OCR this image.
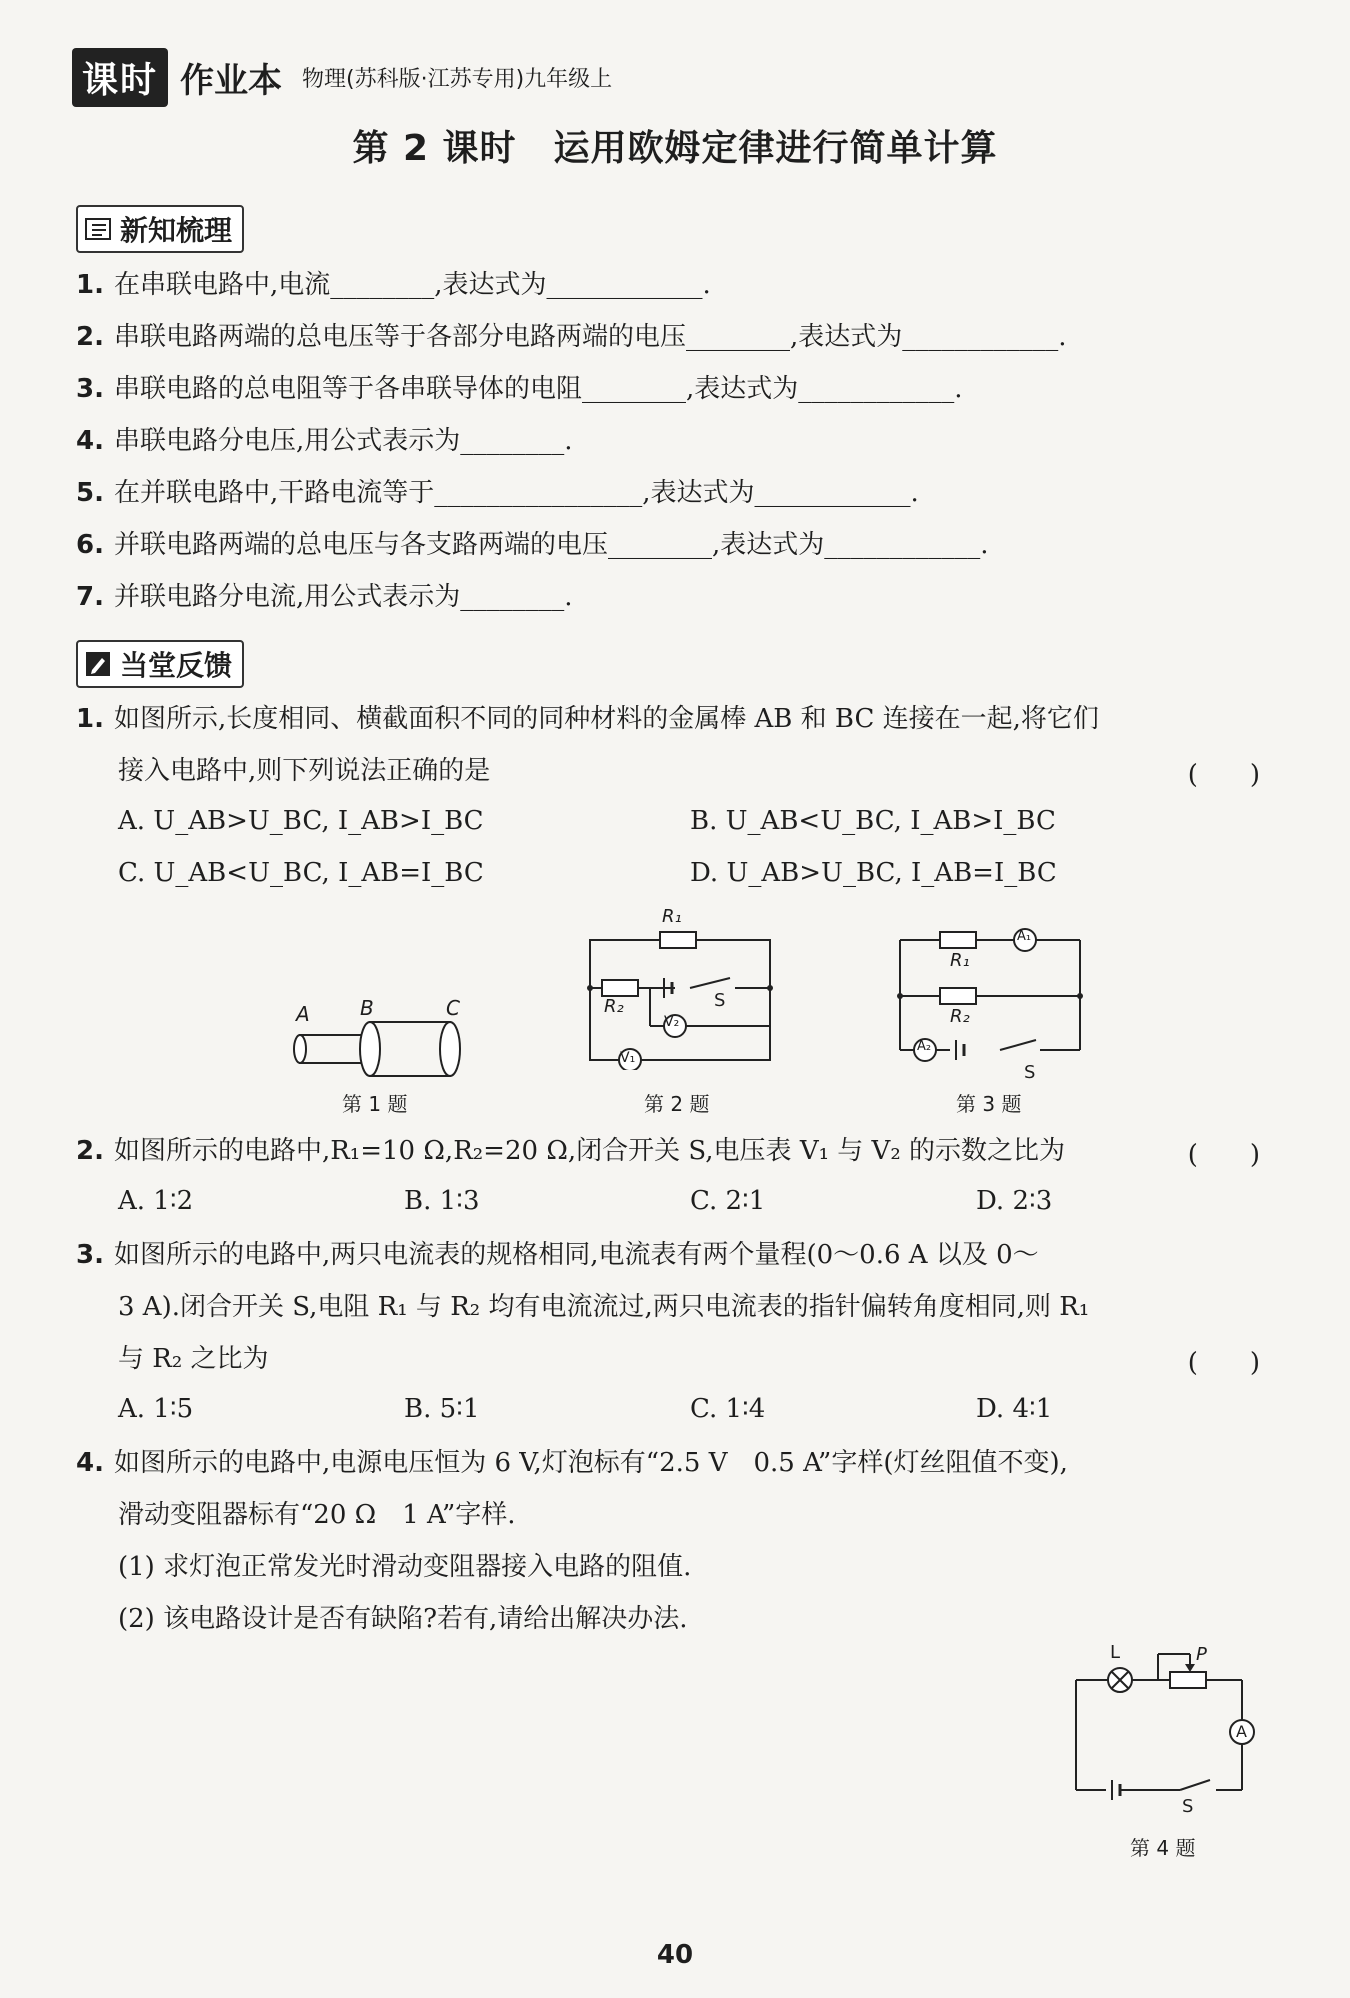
课时 作业本 物理(苏科版·江苏专用)九年级上
第 2 课时　运用欧姆定律进行简单计算
新知梳理
1. 在串联电路中,电流________,表达式为____________.
2. 串联电路两端的总电压等于各部分电路两端的电压________,表达式为____________.
3. 串联电路的总电阻等于各串联导体的电阻________,表达式为____________.
4. 串联电路分电压,用公式表示为________.
5. 在并联电路中,干路电流等于________________,表达式为____________.
6. 并联电路两端的总电压与各支路两端的电压________,表达式为____________.
7. 并联电路分电流,用公式表示为________.
当堂反馈
1. 如图所示,长度相同、横截面积不同的同种材料的金属棒 AB 和 BC 连接在一起,将它们
接入电路中,则下列说法正确的是	(　　)
A. U_AB>U_BC, I_AB>I_BC	B. U_AB<U_BC, I_AB>I_BC
C. U_AB<U_BC, I_AB=I_BC	D. U_AB>U_BC, I_AB=I_BC
A	B	C
第 1 题
R₁
R₂	S
V₂
V₁
第 2 题
R₁
R₂
A₁
A₂
S
第 3 题
2. 如图所示的电路中,R₁=10 Ω,R₂=20 Ω,闭合开关 S,电压表 V₁ 与 V₂ 的示数之比为	(　　)
A. 1∶2	B. 1∶3	C. 2∶1	D. 2∶3
3. 如图所示的电路中,两只电流表的规格相同,电流表有两个量程(0～0.6 A 以及 0～
3 A).闭合开关 S,电阻 R₁ 与 R₂ 均有电流流过,两只电流表的指针偏转角度相同,则 R₁
与 R₂ 之比为	(　　)
A. 1∶5	B. 5∶1	C. 1∶4	D. 4∶1
4. 如图所示的电路中,电源电压恒为 6 V,灯泡标有“2.5 V　0.5 A”字样(灯丝阻值不变),
滑动变阻器标有“20 Ω　1 A”字样.
(1) 求灯泡正常发光时滑动变阻器接入电路的阻值.
(2) 该电路设计是否有缺陷?若有,请给出解决办法.
L	P
A
S
第 4 题
40
